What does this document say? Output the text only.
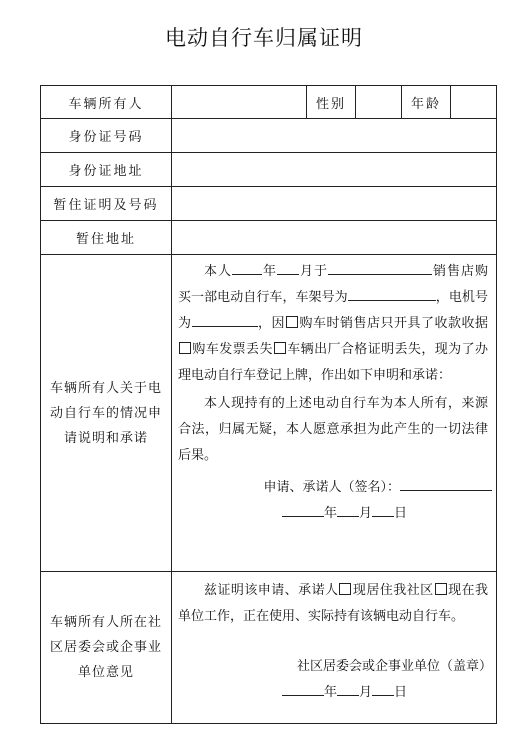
电动自行车归属证明
车辆所有人		性别		年龄	
身份证号码					
身份证地址					
暂住证明及号码					
暂住地址					
车辆所有人关于电动自行车的情况申请说明和承诺	本人 年 月于 销售店购买一部电动自行车，车架号为 ，电机号为 ，因 购车时销售店只开具了收款收据购车发票丢失 车辆出厂合格证明丢失，现为了办理电动自行车登记上牌，作出如下申明和承诺：
本人现持有的上述电动自行车为本人所有，来源合法，归属无疑，本人愿意承担为此产生的一切法律后果。
申请、承诺人（签名）：
年 月 日				

车辆所有人所在社区居委会或企事业单位意见	兹证明该申请、承诺人 现居住我社区 现在我单位工作，正在使用、实际持有该辆电动自行车。
社区居委会或企事业单位（盖章）
年 月 日				
